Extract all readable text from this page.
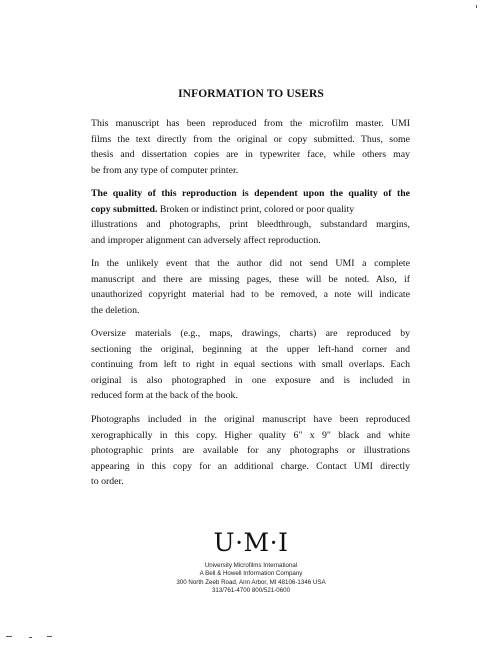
INFORMATION TO USERS
This manuscript has been reproduced from the microfilm master. UMI
films the text directly from the original or copy submitted. Thus, some
thesis and dissertation copies are in typewriter face, while others may
be from any type of computer printer.
The quality of this reproduction is dependent upon the quality of the
copy submitted. Broken or indistinct print, colored or poor quality
illustrations and photographs, print bleedthrough, substandard margins,
and improper alignment can adversely affect reproduction.
In the unlikely event that the author did not send UMI a complete
manuscript and there are missing pages, these will be noted. Also, if
unauthorized copyright material had to be removed, a note will indicate
the deletion.
Oversize materials (e.g., maps, drawings, charts) are reproduced by
sectioning the original, beginning at the upper left-hand corner and
continuing from left to right in equal sections with small overlaps. Each
original is also photographed in one exposure and is included in
reduced form at the back of the book.
Photographs included in the original manuscript have been reproduced
xerographically in this copy. Higher quality 6" x 9" black and white
photographic prints are available for any photographs or illustrations
appearing in this copy for an additional charge. Contact UMI directly
to order.
U·M·I
University Microfilms International
A Bell & Howell Information Company
300 North Zeeb Road, Ann Arbor, MI 48106-1346 USA
313/761-4700 800/521-0600
